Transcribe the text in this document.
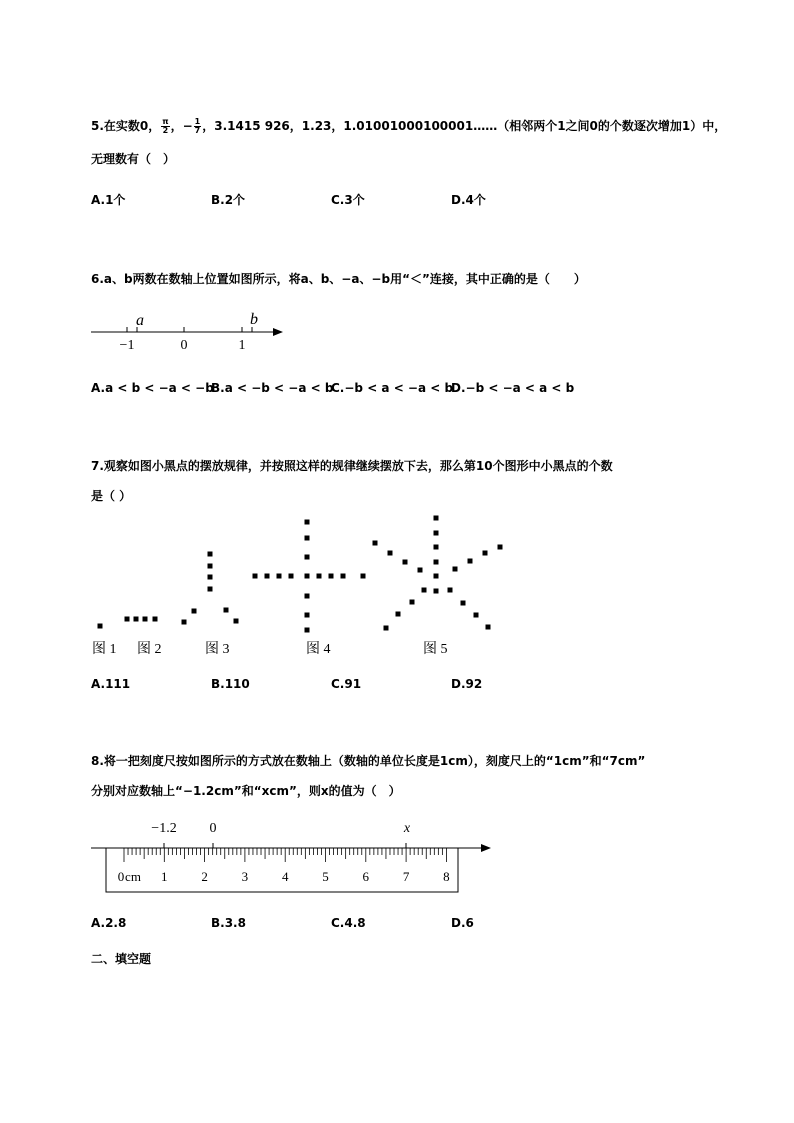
5.在实数0， $\frac{\pi}{2}$ ，− $\frac{1}{7}$ ，3.1415 926，1.23，1.01001000100001……（相邻两个1之间0的个数逐次增加1）中，
无理数有（　）
A.1个	B.2个	C.3个	D.4个
6.a、b两数在数轴上位置如图所示，将a、b、−a、−b用“＜”连接，其中正确的是（　　）
a	b
−1	0	1
A.a < b < −a < −b
B.a < −b < −a < b
C.−b < a < −a < b
D.−b < −a < a < b
7.观察如图小黑点的摆放规律，并按照这样的规律继续摆放下去，那么第10个图形中小黑点的个数
是（ ）
图 1 图 2	图 3	图 4	图 5
A.111	B.110	C.91	D.92
8.将一把刻度尺按如图所示的方式放在数轴上（数轴的单位长度是1cm），刻度尺上的“1cm”和“7cm”
分别对应数轴上“−1.2cm”和“xcm”，则x的值为（　）
−1.2 0	x
cm
0	1	2	3	4	5	6	7	8
A.2.8	B.3.8	C.4.8	D.6
二、填空题
